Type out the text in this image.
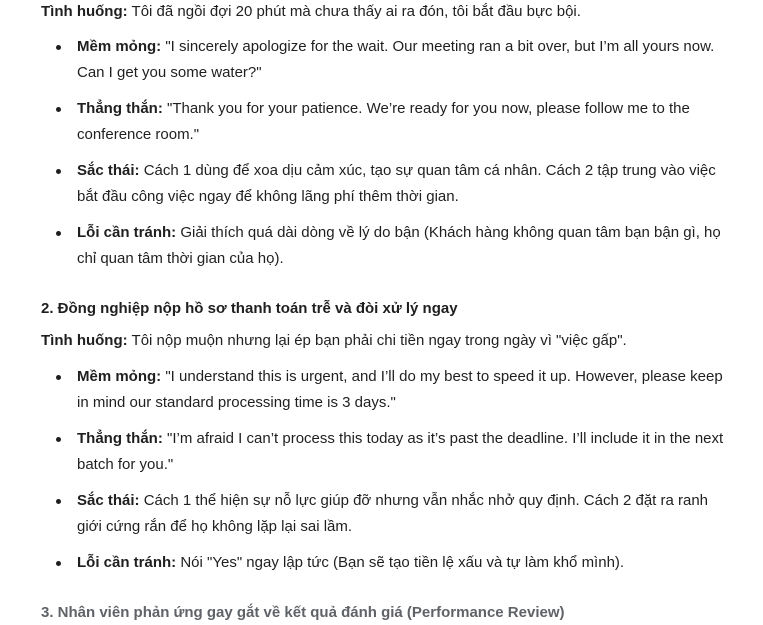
Tình huống: Tôi đã ngồi đợi 20 phút mà chưa thấy ai ra đón, tôi bắt đầu bực bội.

Mềm mỏng: "I sincerely apologize for the wait. Our meeting ran a bit over, but I’m all yours now. Can I get you some water?"
Thẳng thắn: "Thank you for your patience. We’re ready for you now, please follow me to the conference room."
Sắc thái: Cách 1 dùng để xoa dịu cảm xúc, tạo sự quan tâm cá nhân. Cách 2 tập trung vào việc bắt đầu công việc ngay để không lãng phí thêm thời gian.
Lỗi cần tránh: Giải thích quá dài dòng về lý do bận (Khách hàng không quan tâm bạn bận gì, họ chỉ quan tâm thời gian của họ).

2. Đồng nghiệp nộp hồ sơ thanh toán trễ và đòi xử lý ngay

Tình huống: Tôi nộp muộn nhưng lại ép bạn phải chi tiền ngay trong ngày vì "việc gấp".

Mềm mỏng: "I understand this is urgent, and I’ll do my best to speed it up. However, please keep in mind our standard processing time is 3 days."
Thẳng thắn: "I’m afraid I can’t process this today as it’s past the deadline. I’ll include it in the next batch for you."
Sắc thái: Cách 1 thể hiện sự nỗ lực giúp đỡ nhưng vẫn nhắc nhở quy định. Cách 2 đặt ra ranh giới cứng rắn để họ không lặp lại sai lầm.
Lỗi cần tránh: Nói "Yes" ngay lập tức (Bạn sẽ tạo tiền lệ xấu và tự làm khổ mình).

3. Nhân viên phản ứng gay gắt về kết quả đánh giá (Performance Review)
